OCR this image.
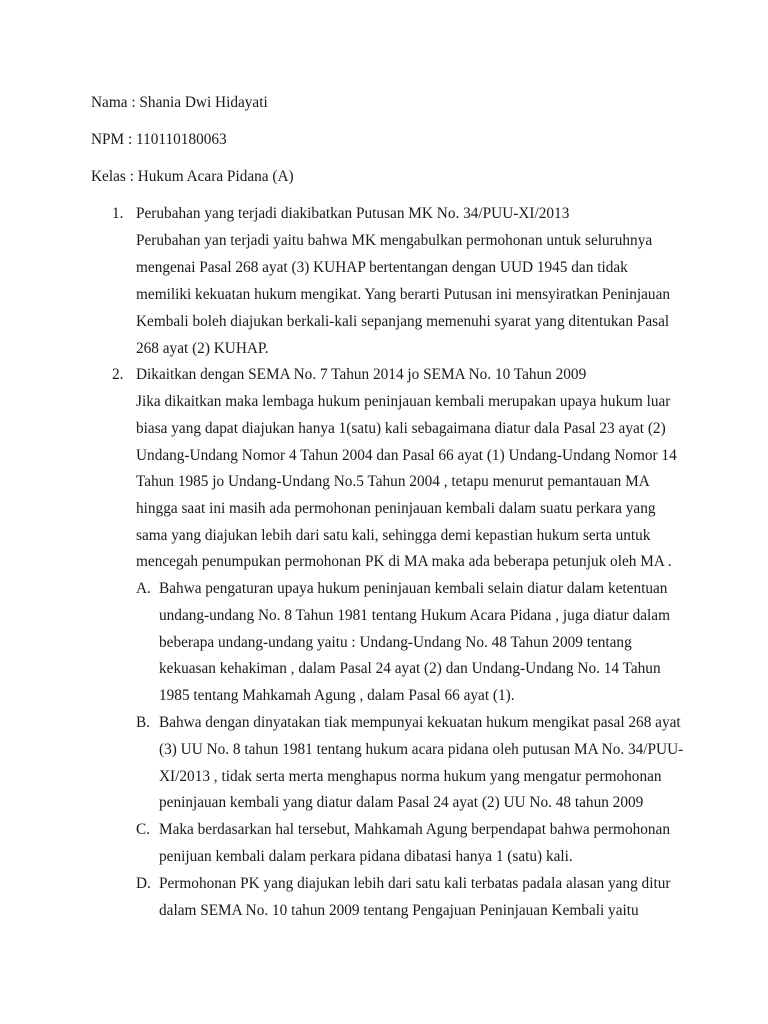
Nama : Shania Dwi Hidayati
NPM : 110110180063
Kelas : Hukum Acara Pidana (A)
1. Perubahan yang terjadi diakibatkan Putusan MK No. 34/PUU-XI/2013
Perubahan yan terjadi yaitu bahwa MK mengabulkan permohonan untuk seluruhnya
mengenai Pasal 268 ayat (3) KUHAP bertentangan dengan UUD 1945 dan tidak
memiliki kekuatan hukum mengikat. Yang berarti Putusan ini mensyiratkan Peninjauan
Kembali boleh diajukan berkali-kali sepanjang memenuhi syarat yang ditentukan Pasal
268 ayat (2) KUHAP.
2. Dikaitkan dengan SEMA No. 7 Tahun 2014 jo SEMA No. 10 Tahun 2009
Jika dikaitkan maka lembaga hukum peninjauan kembali merupakan upaya hukum luar
biasa yang dapat diajukan hanya 1(satu) kali sebagaimana diatur dala Pasal 23 ayat (2)
Undang-Undang Nomor 4 Tahun 2004 dan Pasal 66 ayat (1) Undang-Undang Nomor 14
Tahun 1985 jo Undang-Undang No.5 Tahun 2004 , tetapu menurut pemantauan MA
hingga saat ini masih ada permohonan peninjauan kembali dalam suatu perkara yang
sama yang diajukan lebih dari satu kali, sehingga demi kepastian hukum serta untuk
mencegah penumpukan permohonan PK di MA maka ada beberapa petunjuk oleh MA .
A. Bahwa pengaturan upaya hukum peninjauan kembali selain diatur dalam ketentuan
undang-undang No. 8 Tahun 1981 tentang Hukum Acara Pidana , juga diatur dalam
beberapa undang-undang yaitu : Undang-Undang No. 48 Tahun 2009 tentang
kekuasan kehakiman , dalam Pasal 24 ayat (2) dan Undang-Undang No. 14 Tahun
1985 tentang Mahkamah Agung , dalam Pasal 66 ayat (1).
B. Bahwa dengan dinyatakan tiak mempunyai kekuatan hukum mengikat pasal 268 ayat
(3) UU No. 8 tahun 1981 tentang hukum acara pidana oleh putusan MA No. 34/PUU-
XI/2013 , tidak serta merta menghapus norma hukum yang mengatur permohonan
peninjauan kembali yang diatur dalam Pasal 24 ayat (2) UU No. 48 tahun 2009
C. Maka berdasarkan hal tersebut, Mahkamah Agung berpendapat bahwa permohonan
penijuan kembali dalam perkara pidana dibatasi hanya 1 (satu) kali.
D. Permohonan PK yang diajukan lebih dari satu kali terbatas padala alasan yang ditur
dalam SEMA No. 10 tahun 2009 tentang Pengajuan Peninjauan Kembali yaitu
